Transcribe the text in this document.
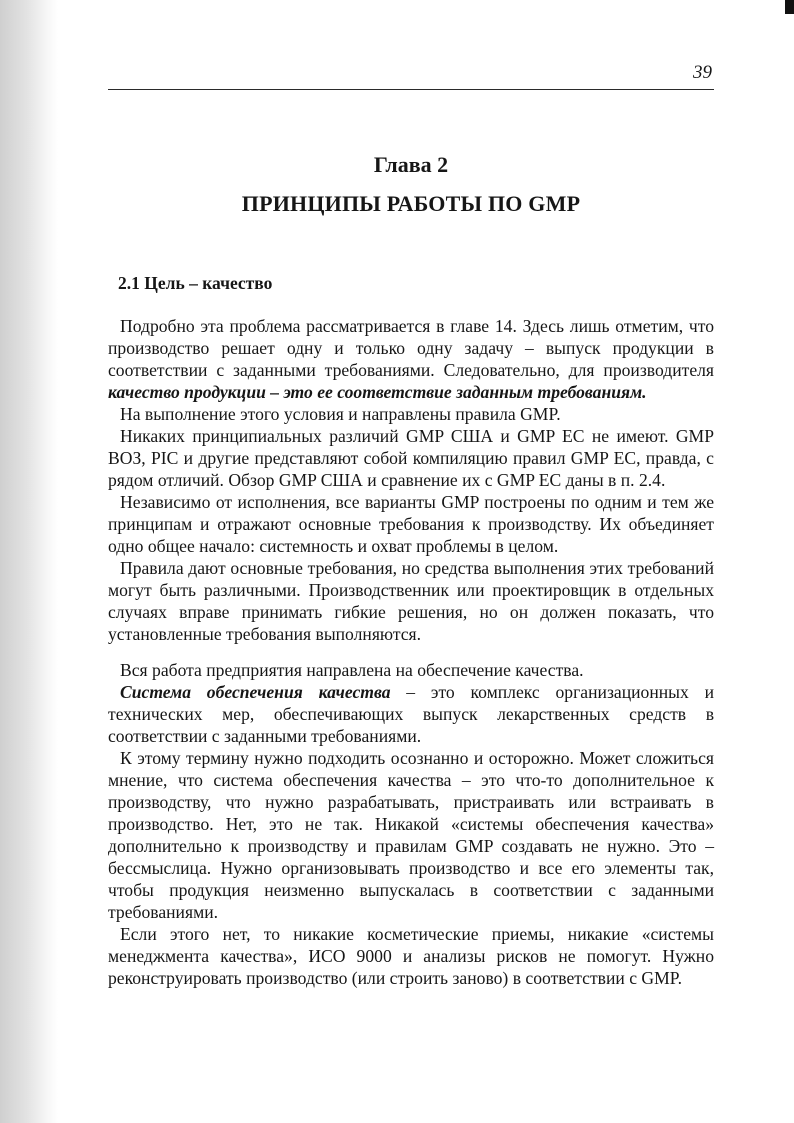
39
Глава 2
ПРИНЦИПЫ РАБОТЫ ПО GMP
2.1 Цель – качество

Подробно эта проблема рассматривается в главе 14. Здесь лишь отметим, что производство решает одну и только одну задачу – выпуск продукции в соответствии с заданными требованиями. Следовательно, для производителя качество продукции – это ее соответствие заданным требованиям.

На выполнение этого условия и направлены правила GMP.

Никаких принципиальных различий GMP США и GMP ЕС не имеют. GMP ВОЗ, PIC и другие представляют собой компиляцию правил GMP ЕС, правда, с рядом отличий. Обзор GMP США и сравнение их с GMP ЕС даны в п. 2.4.

Независимо от исполнения, все варианты GMP построены по одним и тем же принципам и отражают основные требования к производству. Их объединяет одно общее начало: системность и охват проблемы в целом.

Правила дают основные требования, но средства выполнения этих требований могут быть различными. Производственник или проектировщик в отдельных случаях вправе принимать гибкие решения, но он должен показать, что установленные требования выполняются.

Вся работа предприятия направлена на обеспечение качества.

Система обеспечения качества – это комплекс организационных и технических мер, обеспечивающих выпуск лекарственных средств в соответствии с заданными требованиями.

К этому термину нужно подходить осознанно и осторожно. Может сложиться мнение, что система обеспечения качества – это что-то дополнительное к производству, что нужно разрабатывать, пристраивать или встраивать в производство. Нет, это не так. Никакой «системы обеспечения качества» дополнительно к производству и правилам GMP создавать не нужно. Это – бессмыслица. Нужно организовывать производство и все его элементы так, чтобы продукция неизменно выпускалась в соответствии с заданными требованиями.

Если этого нет, то никакие косметические приемы, никакие «системы менеджмента качества», ИСО 9000 и анализы рисков не помогут. Нужно реконструировать производство (или строить заново) в соответствии с GMP.
